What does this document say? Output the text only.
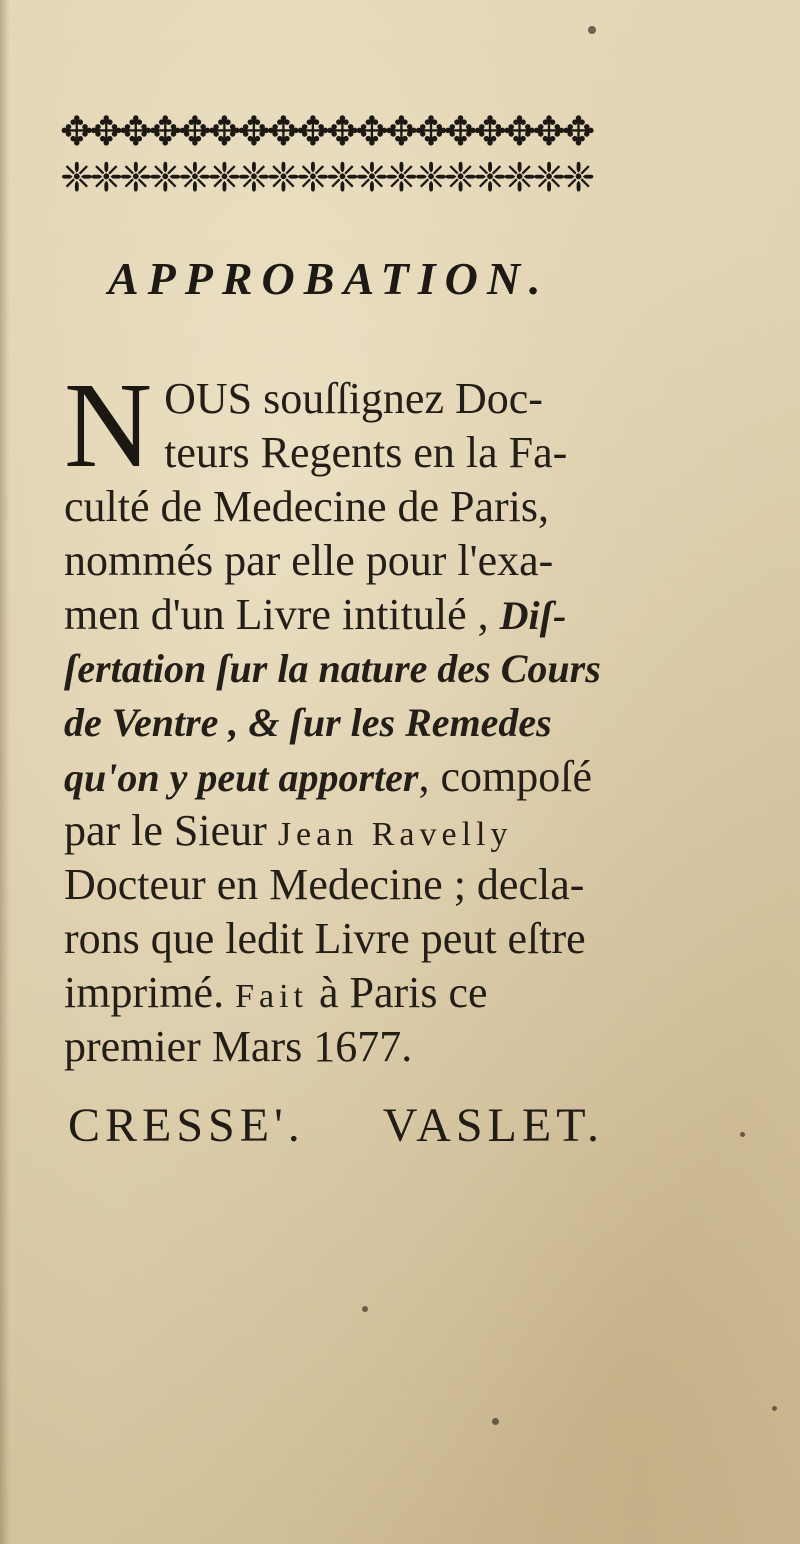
✥✥✥✥✥✥✥✥✥✥✥✥✥✥✥✥✥✥
❈❈❈❈❈❈❈❈❈❈❈❈❈❈❈❈❈❈
APPROBATION.
N OUS souſſignez Doc-
teurs Regents en la Fa-
culté de Medecine de Paris,
nommés par elle pour l'exa-
men d'un Livre intitulé , Diſ-
ſertation ſur la nature des Cours
de Ventre , & ſur les Remedes
qu'on y peut apporter, compoſé
par le Sieur Jean Ravelly
Docteur en Medecine ; decla-
rons que ledit Livre peut eſtre
imprimé. Fait à Paris ce
premier Mars 1677.
CRESSE'. VASLET.
